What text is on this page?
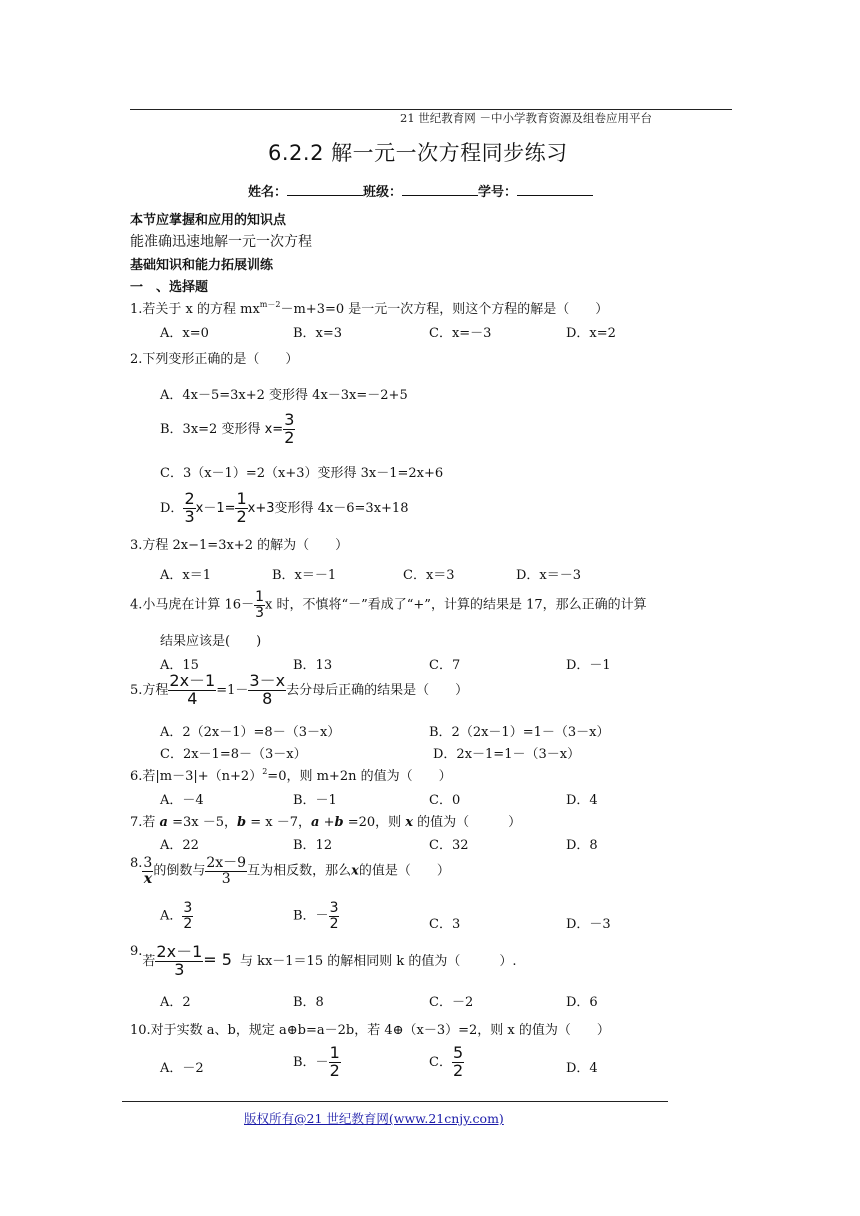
21 世纪教育网 －中小学教育资源及组卷应用平台
6.2.2 解一元一次方程同步练习
姓名：	班级：	学号：
本节应掌握和应用的知识点
能准确迅速地解一元一次方程
基础知识和能力拓展训练
一　、选择题
1.若关于 x 的方程 $mx^{m-2}-m+3=0$ 是一元一次方程，则这个方程的解是（　　）
A．x=0	B．x=3	C．x=－3	D．x=2
2.下列变形正确的是（　　）
A．4x－5=3x+2 变形得 4x－3x=－2+5
B．3x=2 变形得 $x= \frac{3}{2}$
C．3（x－1）=2（x+3）变形得 3x－1=2x+6
D． $\frac{2}{3} x-1= \frac{1}{2} x+3$变形得 4x－6=3x+18
3.方程 2x−1=3x+2 的解为（　　）
A．x＝1	B．x＝－1	C．x＝3	D．x＝－3
4.小马虎在计算 $16- \frac{1}{3}$ x 时，不慎将“－”看成了“+”，计算的结果是 17，那么正确的计算
结果应该是(　　)
A．15	B．13	C．7	D．－1
5.方程 $\frac{2x-1}{4} =1- \frac{3-x}{8}$ 去分母后正确的结果是（　　）
A．2（2x－1）=8－（3－x）	B．2（2x－1）=1－（3－x）
C．2x－1=8－（3－x）	D．2x－1=1－（3－x）
6.若$|m-3|+(n+2)^2=0$，则 m+2n 的值为（　　）
A．－4	B．－1	C．0	D．4
7.若 a =3x －5，b = x －7，a +b =20，则 x 的值为（　　　）
A．22	B．12	C．32	D．8
8. $\frac{3}{x}$ 的倒数与 $\frac{2x-9}{3}$ 互为相反数，那么x的值是（　　）
A． $\frac{3}{2}$	B．－ $\frac{3}{2}$	C．3	D．－3
9.若 $\frac{2x-1}{3} = 5$ 与 kx－1＝15 的解相同则 k 的值为（　　　）.
A．2	B．8	C．－2	D．6
10.对于实数 a、b，规定 a⊕b=a－2b，若 4⊕（x－3）=2，则 x 的值为（　　）
A．－2	B．－ $\frac{1}{2}$	C． $\frac{5}{2}$	D．4
版权所有@21 世纪教育网(www.21cnjy.com)
